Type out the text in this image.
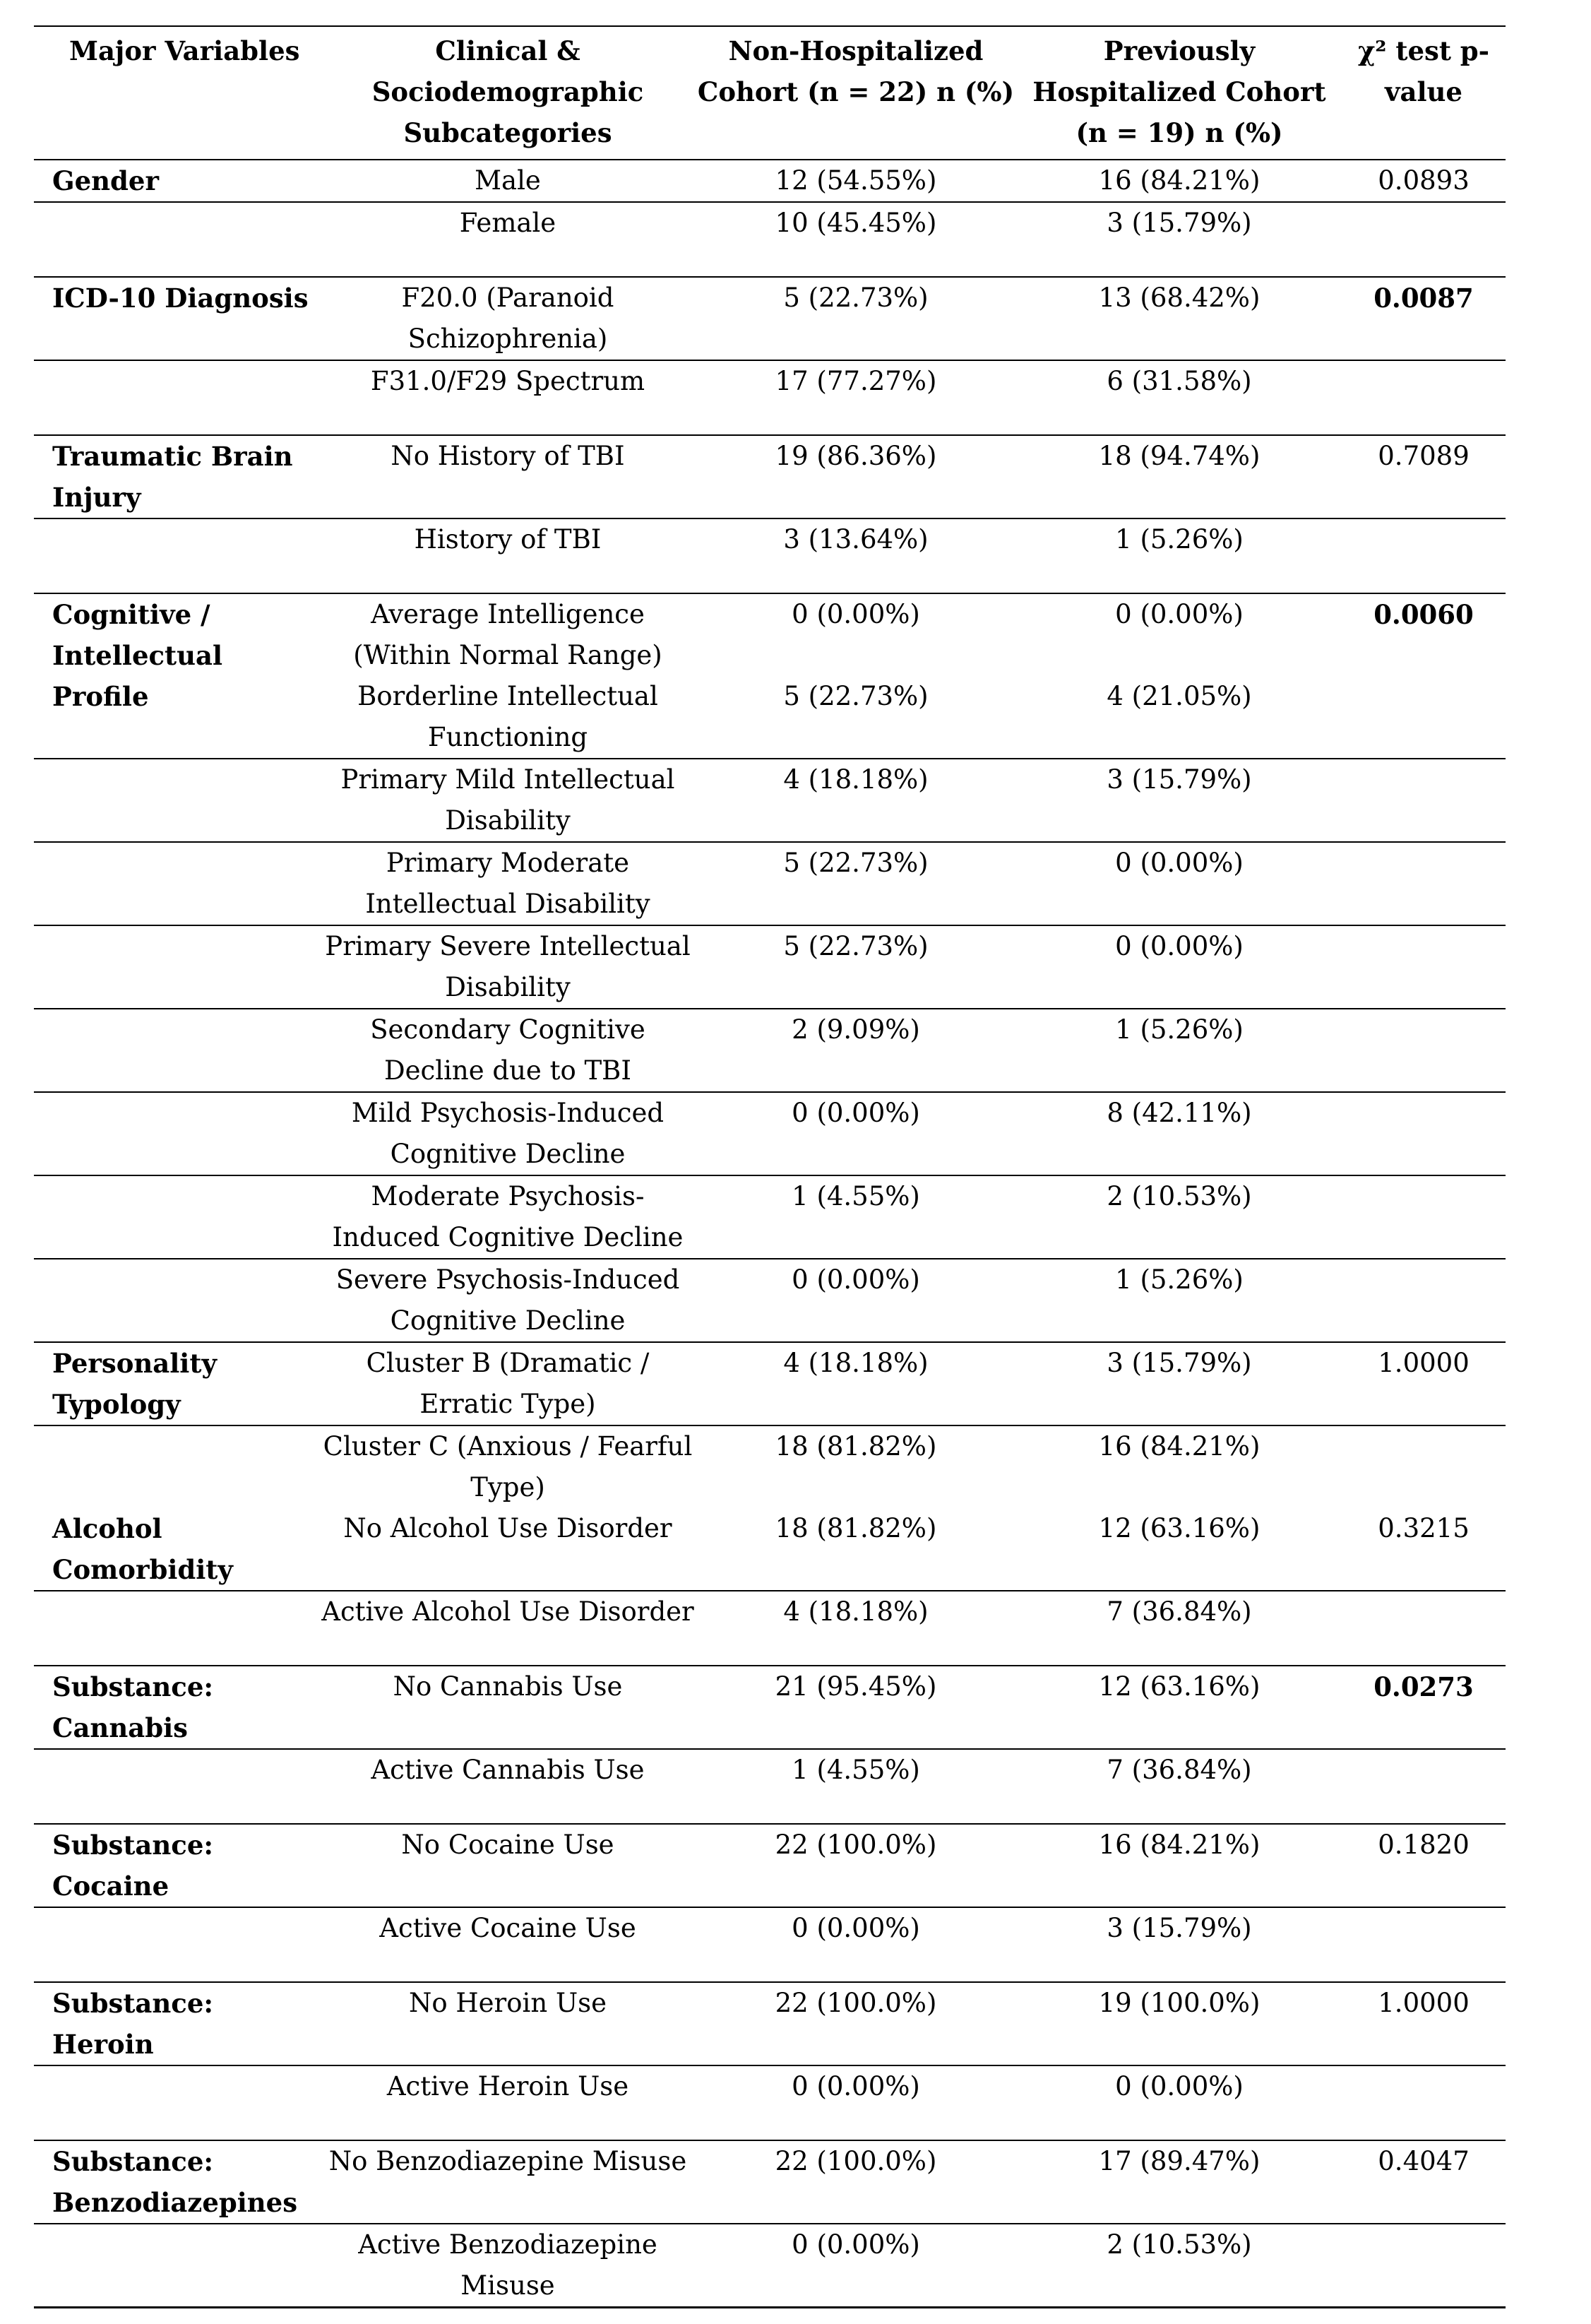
Major Variables	Clinical & Sociodemographic Subcategories	Non-Hospitalized Cohort (n = 22) n (%)	Previously Hospitalized Cohort (n = 19) n (%)	χ² test p-value
Gender	Male	12 (54.55%)	16 (84.21%)	0.0893
	Female	10 (45.45%)	3 (15.79%)	
ICD-10 Diagnosis	F20.0 (Paranoid Schizophrenia)	5 (22.73%)	13 (68.42%)	0.0087
	F31.0/F29 Spectrum	17 (77.27%)	6 (31.58%)	
Traumatic Brain Injury	No History of TBI	19 (86.36%)	18 (94.74%)	0.7089
	History of TBI	3 (13.64%)	1 (5.26%)	
Cognitive / Intellectual	Average Intelligence (Within Normal Range)	0 (0.00%)	0 (0.00%)	0.0060
Profile	Borderline Intellectual Functioning	5 (22.73%)	4 (21.05%)	
	Primary Mild Intellectual Disability	4 (18.18%)	3 (15.79%)	
	Primary Moderate Intellectual Disability	5 (22.73%)	0 (0.00%)	
	Primary Severe Intellectual Disability	5 (22.73%)	0 (0.00%)	
	Secondary Cognitive Decline due to TBI	2 (9.09%)	1 (5.26%)	
	Mild Psychosis-Induced Cognitive Decline	0 (0.00%)	8 (42.11%)	
	Moderate Psychosis-Induced Cognitive Decline	1 (4.55%)	2 (10.53%)	
	Severe Psychosis-Induced Cognitive Decline	0 (0.00%)	1 (5.26%)	
Personality Typology	Cluster B (Dramatic / Erratic Type)	4 (18.18%)	3 (15.79%)	1.0000
	Cluster C (Anxious / Fearful Type)	18 (81.82%)	16 (84.21%)	
Alcohol Comorbidity	No Alcohol Use Disorder	18 (81.82%)	12 (63.16%)	0.3215
	Active Alcohol Use Disorder	4 (18.18%)	7 (36.84%)	
Substance: Cannabis	No Cannabis Use	21 (95.45%)	12 (63.16%)	0.0273
	Active Cannabis Use	1 (4.55%)	7 (36.84%)	
Substance: Cocaine	No Cocaine Use	22 (100.0%)	16 (84.21%)	0.1820
	Active Cocaine Use	0 (0.00%)	3 (15.79%)	
Substance: Heroin	No Heroin Use	22 (100.0%)	19 (100.0%)	1.0000
	Active Heroin Use	0 (0.00%)	0 (0.00%)	
Substance: Benzodiazepines	No Benzodiazepine Misuse	22 (100.0%)	17 (89.47%)	0.4047
	Active Benzodiazepine Misuse	0 (0.00%)	2 (10.53%)	
